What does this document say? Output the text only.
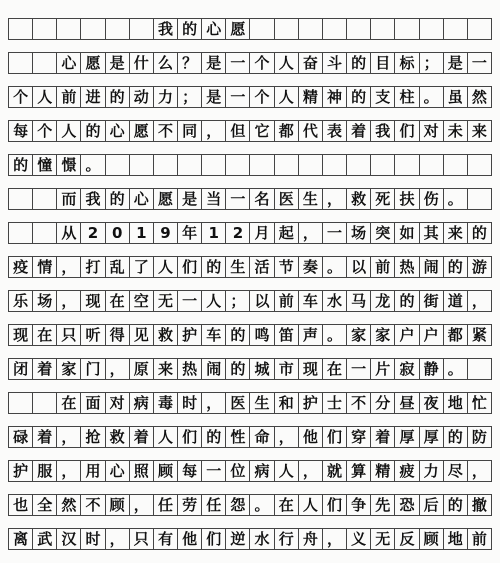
我 的 心 愿
心 愿 是 什 么 ？ 是 一 个 人 奋 斗 的 目 标 ； 是 一
个 人 前 进 的 动 力 ； 是 一 个 人 精 神 的 支 柱 。 虽 然
每 个 人 的 心 愿 不 同 ， 但 它 都 代 表 着 我 们 对 未 来
的 憧 憬 。
而 我 的 心 愿 是 当 一 名 医 生 ， 救 死 扶 伤 。
从 2 0 1 9 年 1 2 月 起 ， 一 场 突 如 其 来 的
疫 情 ， 打 乱 了 人 们 的 生 活 节 奏 。 以 前 热 闹 的 游
乐 场 ， 现 在 空 无 一 人 ； 以 前 车 水 马 龙 的 街 道 ，
现 在 只 听 得 见 救 护 车 的 鸣 笛 声 。 家 家 户 户 都 紧
闭 着 家 门 ， 原 来 热 闹 的 城 市 现 在 一 片 寂 静 。
在 面 对 病 毒 时 ， 医 生 和 护 士 不 分 昼 夜 地 忙
碌 着 ， 抢 救 着 人 们 的 性 命 ， 他 们 穿 着 厚 厚 的 防
护 服 ， 用 心 照 顾 每 一 位 病 人 ， 就 算 精 疲 力 尽 ，
也 全 然 不 顾 ， 任 劳 任 怨 。 在 人 们 争 先 恐 后 的 撤
离 武 汉 时 ， 只 有 他 们 逆 水 行 舟 ， 义 无 反 顾 地 前
